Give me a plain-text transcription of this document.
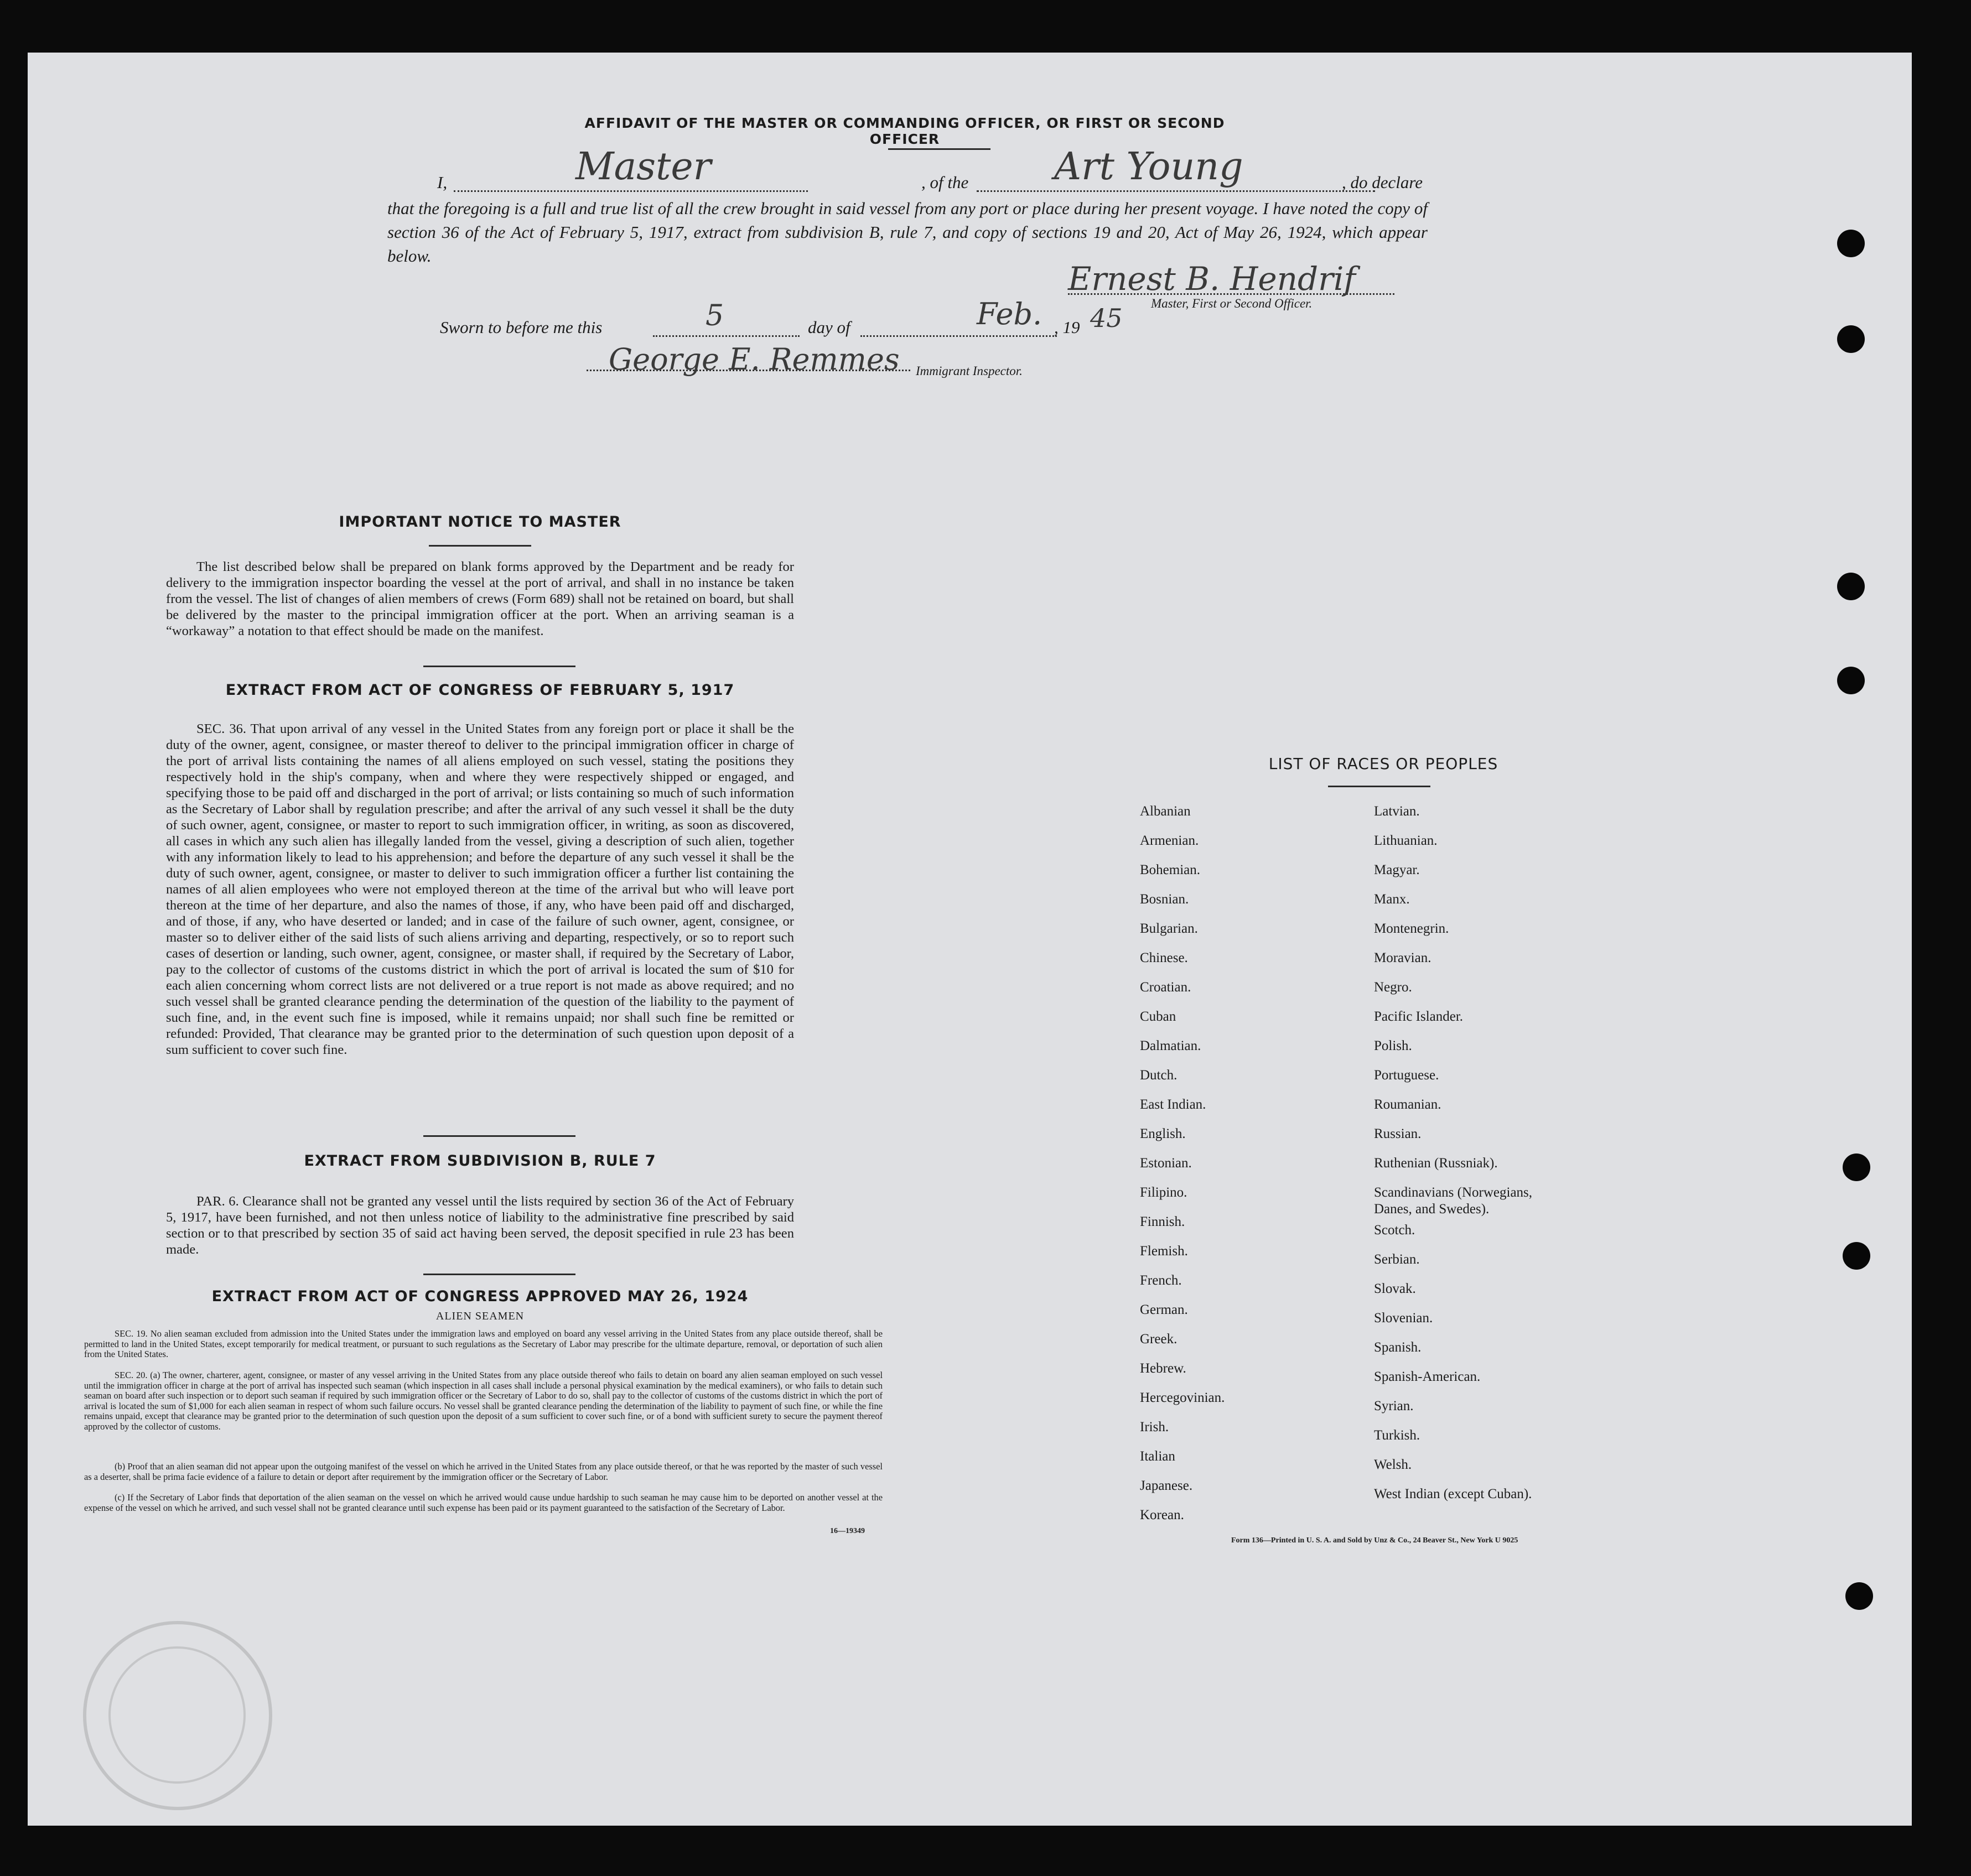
AFFIDAVIT OF THE MASTER OR COMMANDING OFFICER, OR FIRST OR SECOND OFFICER
I,	Master	, of the Art Young	, do declare
that the foregoing is a full and true list of all the crew brought in said vessel from any port or place during her present voyage. I have noted the copy of section 36 of the Act of February 5, 1917, extract from subdivision B, rule 7, and copy of sections 19 and 20, Act of May 26, 1924, which appear below.
Ernest B. Hendrif
Master, First or Second Officer.
Sworn to before me this	5	day of	Feb. , 19 45
George E. Remmes Immigrant Inspector.
IMPORTANT NOTICE TO MASTER
The list described below shall be prepared on blank forms approved by the Department and be ready for delivery to the immigration inspector boarding the vessel at the port of arrival, and shall in no instance be taken from the vessel. The list of changes of alien members of crews (Form 689) shall not be retained on board, but shall be delivered by the master to the principal immigration officer at the port. When an arriving seaman is a “workaway” a notation to that effect should be made on the manifest.
EXTRACT FROM ACT OF CONGRESS OF FEBRUARY 5, 1917
SEC. 36. That upon arrival of any vessel in the United States from any foreign port or place it shall be the duty of the owner, agent, consignee, or master thereof to deliver to the principal immigration officer in charge of the port of arrival lists containing the names of all aliens employed on such vessel, stating the positions they respectively hold in the ship's company, when and where they were respectively shipped or engaged, and specifying those to be paid off and discharged in the port of arrival; or lists containing so much of such information as the Secretary of Labor shall by regulation prescribe; and after the arrival of any such vessel it shall be the duty of such owner, agent, consignee, or master to report to such immigration officer, in writing, as soon as discovered, all cases in which any such alien has illegally landed from the vessel, giving a description of such alien, together with any information likely to lead to his apprehension; and before the departure of any such vessel it shall be the duty of such owner, agent, consignee, or master to deliver to such immigration officer a further list containing the names of all alien employees who were not employed thereon at the time of the arrival but who will leave port thereon at the time of her departure, and also the names of those, if any, who have been paid off and discharged, and of those, if any, who have deserted or landed; and in case of the failure of such owner, agent, consignee, or master so to deliver either of the said lists of such aliens arriving and departing, respectively, or so to report such cases of desertion or landing, such owner, agent, consignee, or master shall, if required by the Secretary of Labor, pay to the collector of customs of the customs district in which the port of arrival is located the sum of $10 for each alien concerning whom correct lists are not delivered or a true report is not made as above required; and no such vessel shall be granted clearance pending the determination of the question of the liability to the payment of such fine, and, in the event such fine is imposed, while it remains unpaid; nor shall such fine be remitted or refunded: Provided, That clearance may be granted prior to the determination of such question upon deposit of a sum sufficient to cover such fine.
EXTRACT FROM SUBDIVISION B, RULE 7
PAR. 6. Clearance shall not be granted any vessel until the lists required by section 36 of the Act of February 5, 1917, have been furnished, and not then unless notice of liability to the administrative fine prescribed by said section or to that prescribed by section 35 of said act having been served, the deposit specified in rule 23 has been made.
EXTRACT FROM ACT OF CONGRESS APPROVED MAY 26, 1924
ALIEN SEAMEN
SEC. 19. No alien seaman excluded from admission into the United States under the immigration laws and employed on board any vessel arriving in the United States from any place outside thereof, shall be permitted to land in the United States, except temporarily for medical treatment, or pursuant to such regulations as the Secretary of Labor may prescribe for the ultimate departure, removal, or deportation of such alien from the United States.
SEC. 20. (a) The owner, charterer, agent, consignee, or master of any vessel arriving in the United States from any place outside thereof who fails to detain on board any alien seaman employed on such vessel until the immigration officer in charge at the port of arrival has inspected such seaman (which inspection in all cases shall include a personal physical examination by the medical examiners), or who fails to detain such seaman on board after such inspection or to deport such seaman if required by such immigration officer or the Secretary of Labor to do so, shall pay to the collector of customs of the customs district in which the port of arrival is located the sum of $1,000 for each alien seaman in respect of whom such failure occurs. No vessel shall be granted clearance pending the determination of the liability to payment of such fine, or while the fine remains unpaid, except that clearance may be granted prior to the determination of such question upon the deposit of a sum sufficient to cover such fine, or of a bond with sufficient surety to secure the payment thereof approved by the collector of customs.
(b) Proof that an alien seaman did not appear upon the outgoing manifest of the vessel on which he arrived in the United States from any place outside thereof, or that he was reported by the master of such vessel as a deserter, shall be prima facie evidence of a failure to detain or deport after requirement by the immigration officer or the Secretary of Labor.
(c) If the Secretary of Labor finds that deportation of the alien seaman on the vessel on which he arrived would cause undue hardship to such seaman he may cause him to be deported on another vessel at the expense of the vessel on which he arrived, and such vessel shall not be granted clearance until such expense has been paid or its payment guaranteed to the satisfaction of the Secretary of Labor.
16—19349
LIST OF RACES OR PEOPLES
Albanian
Armenian.
Bohemian.
Bosnian.
Bulgarian.
Chinese.
Croatian.
Cuban
Dalmatian.
Dutch.
East Indian.
English.
Estonian.
Filipino.
Finnish.
Flemish.
French.
German.
Greek.
Hebrew.
Hercegovinian.
Irish.
Italian
Japanese.
Korean.
Latvian.
Lithuanian.
Magyar.
Manx.
Montenegrin.
Moravian.
Negro.
Pacific Islander.
Polish.
Portuguese.
Roumanian.
Russian.
Ruthenian (Russniak).
Scandinavians (Norwegians,
Danes, and Swedes).
Scotch.
Serbian.
Slovak.
Slovenian.
Spanish.
Spanish-American.
Syrian.
Turkish.
Welsh.
West Indian (except Cuban).
Form 136—Printed in U. S. A. and Sold by Unz & Co., 24 Beaver St., New York U 9025
